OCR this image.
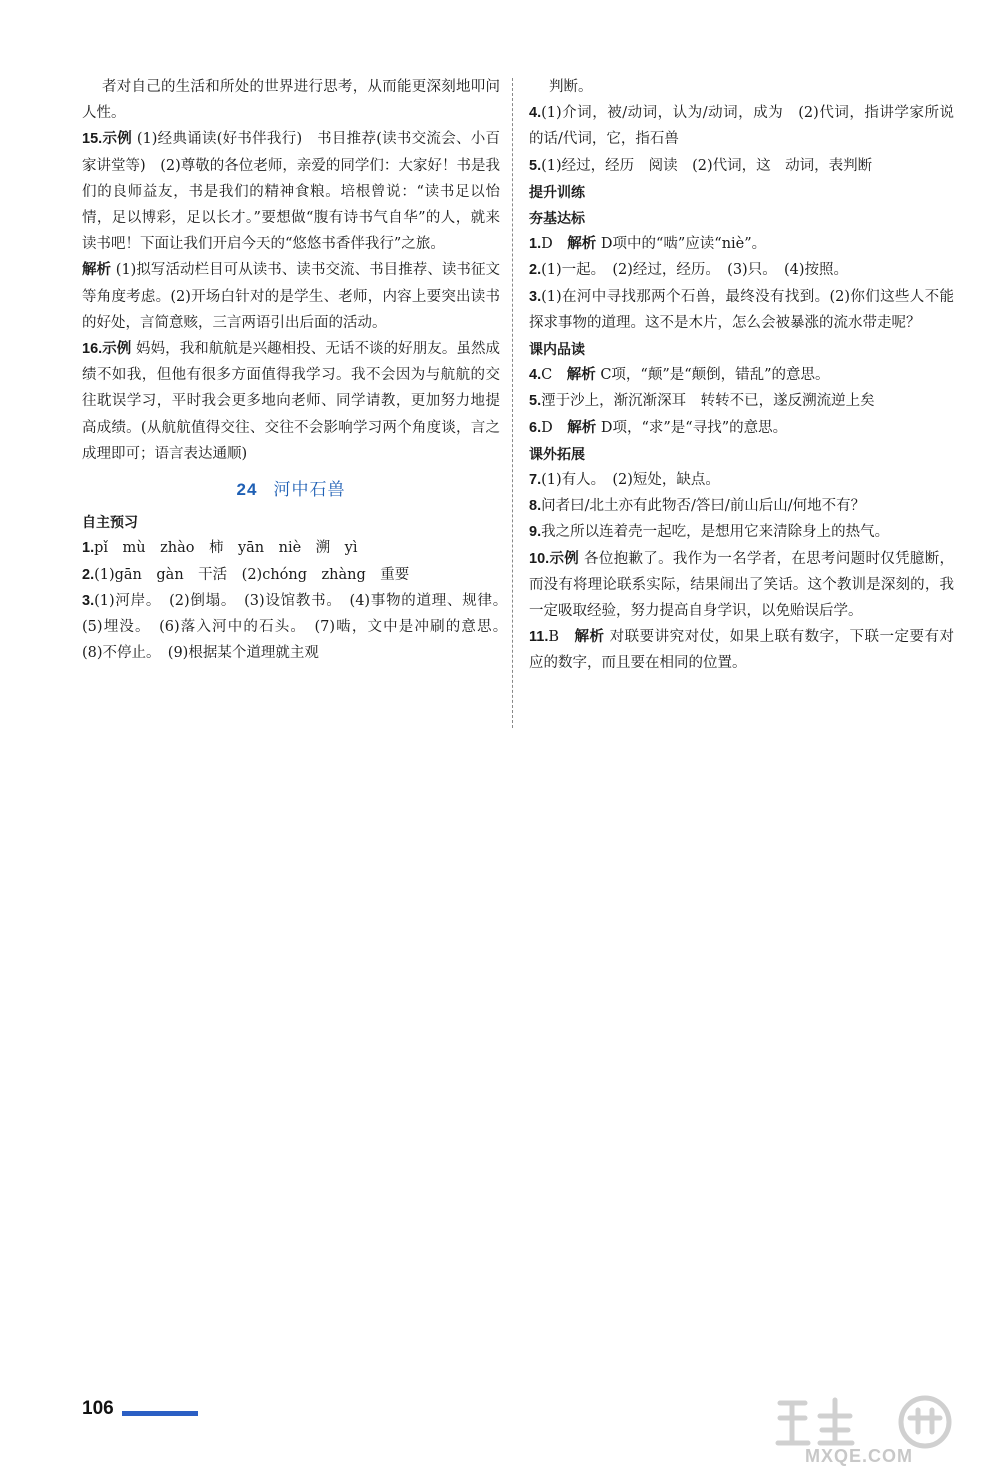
者对自己的生活和所处的世界进行思考，从而能更深刻地叩问人性。

15.示例 (1)经典诵读(好书伴我行)　书目推荐(读书交流会、小百家讲堂等)　(2)尊敬的各位老师，亲爱的同学们：大家好！书是我们的良师益友，书是我们的精神食粮。培根曾说：“读书足以怡情，足以博彩，足以长才。”要想做“腹有诗书气自华”的人，就来读书吧！下面让我们开启今天的“悠悠书香伴我行”之旅。

解析 (1)拟写活动栏目可从读书、读书交流、书目推荐、读书征文等角度考虑。(2)开场白针对的是学生、老师，内容上要突出读书的好处，言简意赅，三言两语引出后面的活动。

16.示例 妈妈，我和航航是兴趣相投、无话不谈的好朋友。虽然成绩不如我，但他有很多方面值得我学习。我不会因为与航航的交往耽误学习，平时我会更多地向老师、同学请教，更加努力地提高成绩。(从航航值得交往、交往不会影响学习两个角度谈，言之成理即可；语言表达通顺)

24 河中石兽

自主预习

1.pǐ　mù　zhào　柿　yān　niè　溯　yì

2.(1)gān　gàn　干活　(2)chóng　zhàng　重要

3.(1)河岸。　(2)倒塌。　(3)设馆教书。　(4)事物的道理、规律。　(5)埋没。　(6)落入河中的石头。　(7)啮，文中是冲刷的意思。　(8)不停止。　(9)根据某个道理就主观

判断。

4.(1)介词，被/动词，认为/动词，成为　(2)代词，指讲学家所说的话/代词，它，指石兽

5.(1)经过，经历　阅读　(2)代词，这　动词，表判断

提升训练

夯基达标

1.D　解析 D项中的“啮”应读“niè”。

2.(1)一起。　(2)经过，经历。　(3)只。　(4)按照。

3.(1)在河中寻找那两个石兽，最终没有找到。(2)你们这些人不能探求事物的道理。这不是木片，怎么会被暴涨的流水带走呢？

课内品读

4.C　解析 C项，“颠”是“颠倒，错乱”的意思。

5.湮于沙上，渐沉渐深耳　转转不已，遂反溯流逆上矣

6.D　解析 D项，“求”是“寻找”的意思。

课外拓展

7.(1)有人。　(2)短处，缺点。

8.问者曰/北土亦有此物否/答曰/前山后山/何地不有？

9.我之所以连着壳一起吃，是想用它来清除身上的热气。

10.示例 各位抱歉了。我作为一名学者，在思考问题时仅凭臆断，而没有将理论联系实际，结果闹出了笑话。这个教训是深刻的，我一定吸取经验，努力提高自身学识，以免贻误后学。

11.B　解析 对联要讲究对仗，如果上联有数字，下联一定要有对应的数字，而且要在相同的位置。

106
MXQE.COM
